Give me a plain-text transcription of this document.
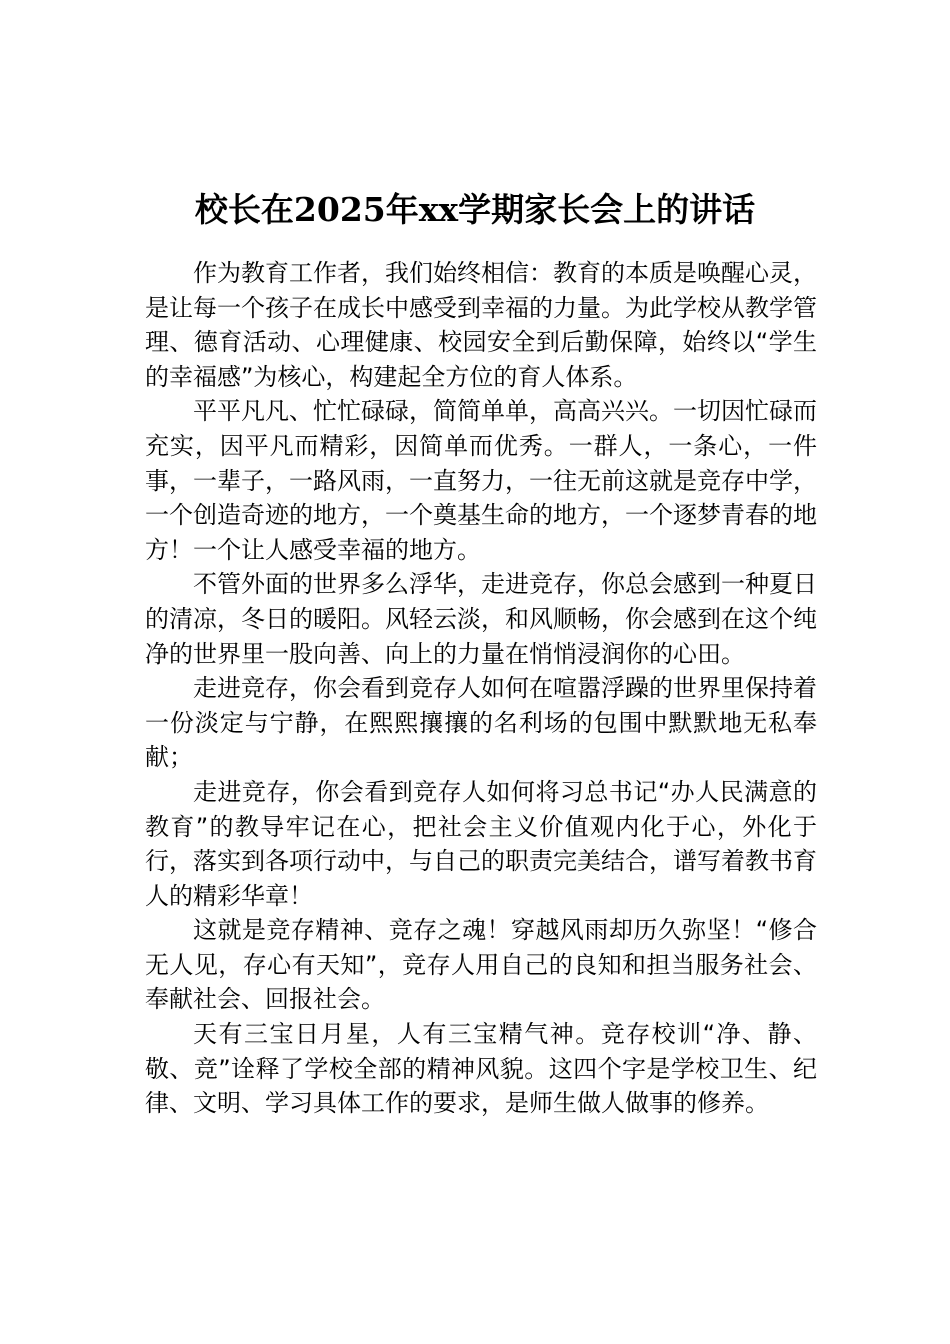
校长在2025年xx学期家长会上的讲话

作为教育工作者，我们始终相信：教育的本质是唤醒心灵，是让每一个孩子在成长中感受到幸福的力量。为此学校从教学管理、德育活动、心理健康、校园安全到后勤保障，始终以“学生的幸福感”为核心，构建起全方位的育人体系。

平平凡凡、忙忙碌碌，简简单单，高高兴兴。一切因忙碌而充实，因平凡而精彩，因简单而优秀。一群人，一条心，一件事，一辈子，一路风雨，一直努力，一往无前这就是竞存中学，一个创造奇迹的地方，一个奠基生命的地方，一个逐梦青春的地方！一个让人感受幸福的地方。

不管外面的世界多么浮华，走进竞存，你总会感到一种夏日的清凉，冬日的暖阳。风轻云淡，和风顺畅，你会感到在这个纯净的世界里一股向善、向上的力量在悄悄浸润你的心田。

走进竞存，你会看到竞存人如何在喧嚣浮躁的世界里保持着一份淡定与宁静，在熙熙攘攘的名利场的包围中默默地无私奉献；

走进竞存，你会看到竞存人如何将习总书记“办人民满意的教育”的教导牢记在心，把社会主义价值观内化于心，外化于行，落实到各项行动中，与自己的职责完美结合，谱写着教书育人的精彩华章！

这就是竞存精神、竞存之魂！穿越风雨却历久弥坚！“修合无人见，存心有天知”，竞存人用自己的良知和担当服务社会、奉献社会、回报社会。

天有三宝日月星，人有三宝精气神。竞存校训“净、静、敬、竞”诠释了学校全部的精神风貌。这四个字是学校卫生、纪律、文明、学习具体工作的要求，是师生做人做事的修养。
